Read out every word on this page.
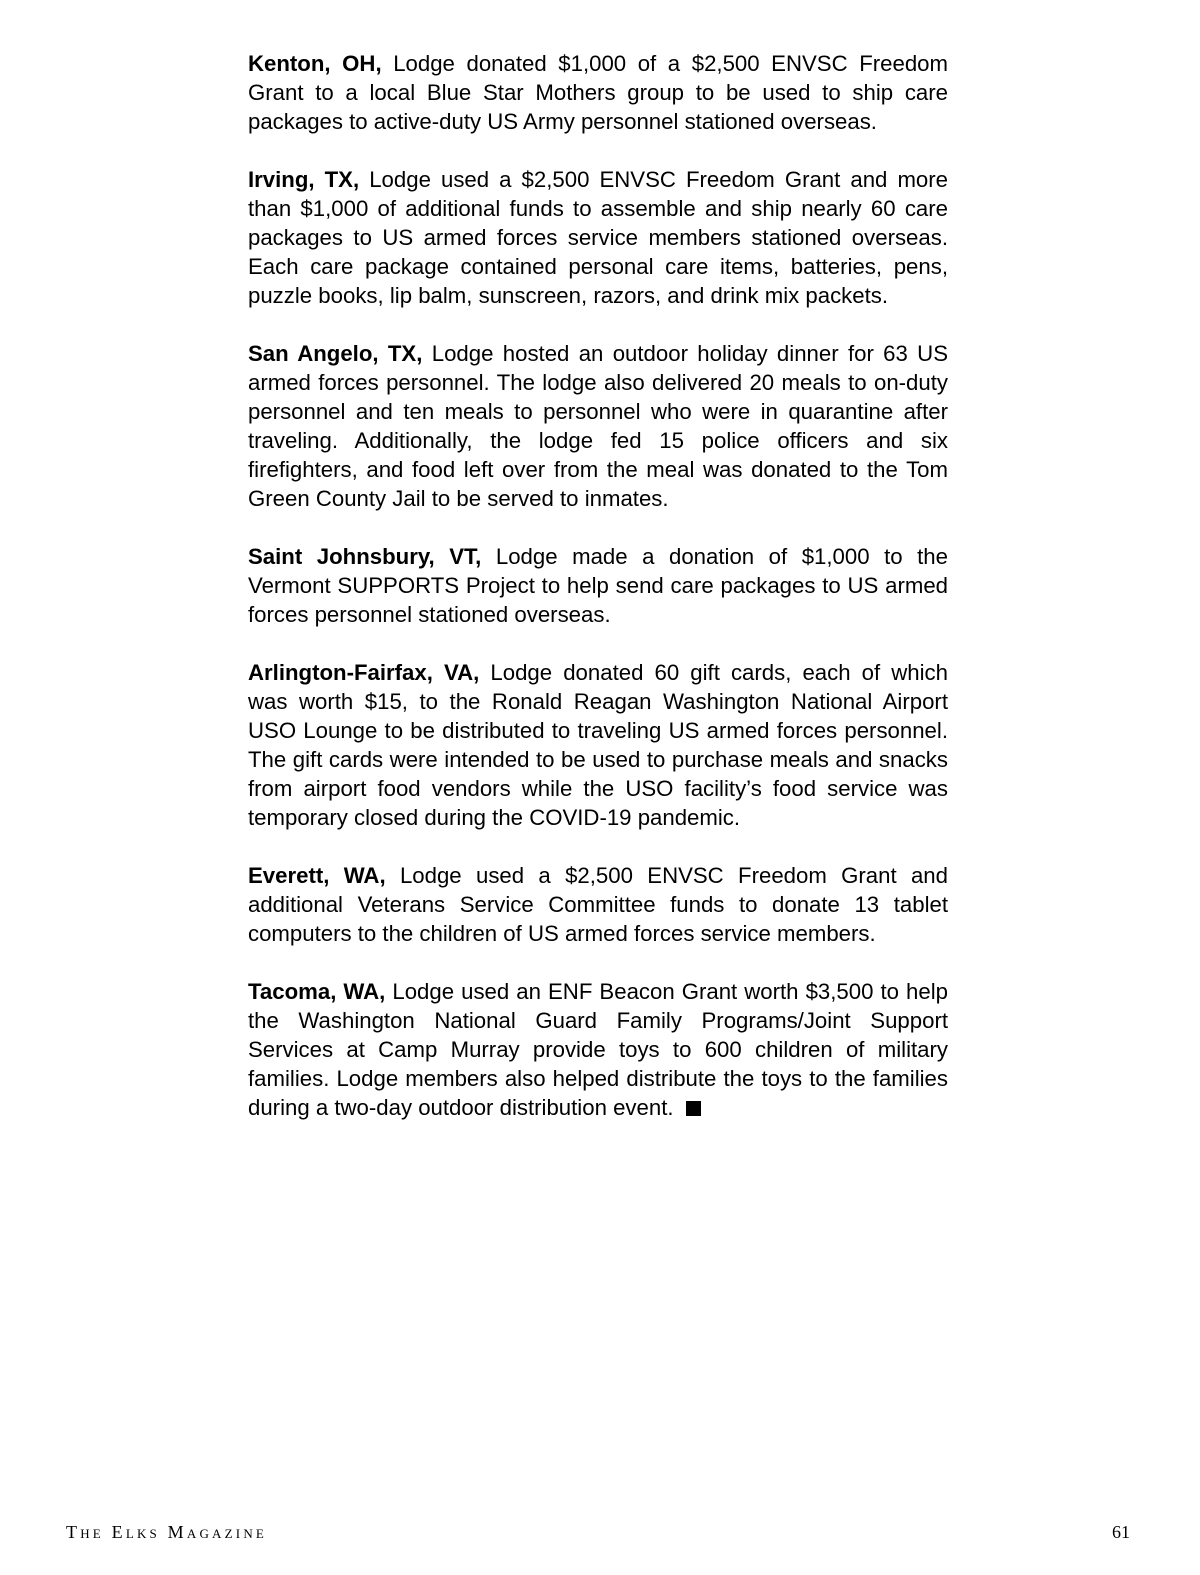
Kenton, OH, Lodge donated $1,000 of a $2,500 ENVSC Freedom Grant to a local Blue Star Mothers group to be used to ship care packages to active-duty US Army personnel stationed overseas.

Irving, TX, Lodge used a $2,500 ENVSC Freedom Grant and more than $1,000 of additional funds to assemble and ship nearly 60 care packages to US armed forces service members stationed overseas. Each care package contained personal care items, batteries, pens, puzzle books, lip balm, sunscreen, razors, and drink mix packets.

San Angelo, TX, Lodge hosted an outdoor holiday dinner for 63 US armed forces personnel. The lodge also delivered 20 meals to on-duty personnel and ten meals to personnel who were in quarantine after traveling. Additionally, the lodge fed 15 police officers and six firefighters, and food left over from the meal was donated to the Tom Green County Jail to be served to inmates.

Saint Johnsbury, VT, Lodge made a donation of $1,000 to the Vermont SUPPORTS Project to help send care packages to US armed forces personnel stationed overseas.

Arlington-Fairfax, VA, Lodge donated 60 gift cards, each of which was worth $15, to the Ronald Reagan Washington National Airport USO Lounge to be distributed to traveling US armed forces personnel. The gift cards were intended to be used to purchase meals and snacks from airport food vendors while the USO facility’s food service was temporary closed during the COVID-19 pandemic.

Everett, WA, Lodge used a $2,500 ENVSC Freedom Grant and additional Veterans Service Committee funds to donate 13 tablet computers to the children of US armed forces service members.

Tacoma, WA, Lodge used an ENF Beacon Grant worth $3,500 to help the Washington National Guard Family Programs/Joint Support Services at Camp Murray provide toys to 600 children of military families. Lodge members also helped distribute the toys to the families during a two-day outdoor distribution event.

The Elks Magazine	61
